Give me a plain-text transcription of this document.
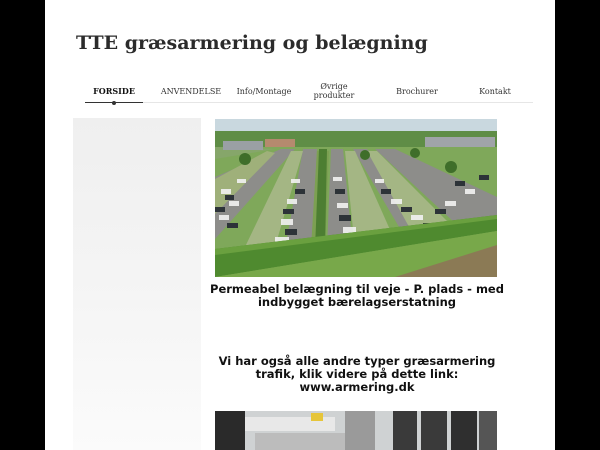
TTE græsarmering og belægning
FORSIDE	ANVENDELSE	Info/Montage	Øvrige produkter	Brochurer	Kontakt

Permeabel belægning til veje - P. plads - med indbygget bærelagserstatning

Vi har også alle andre typer græsarmering trafik, klik videre på dette link: www.armering.dk
